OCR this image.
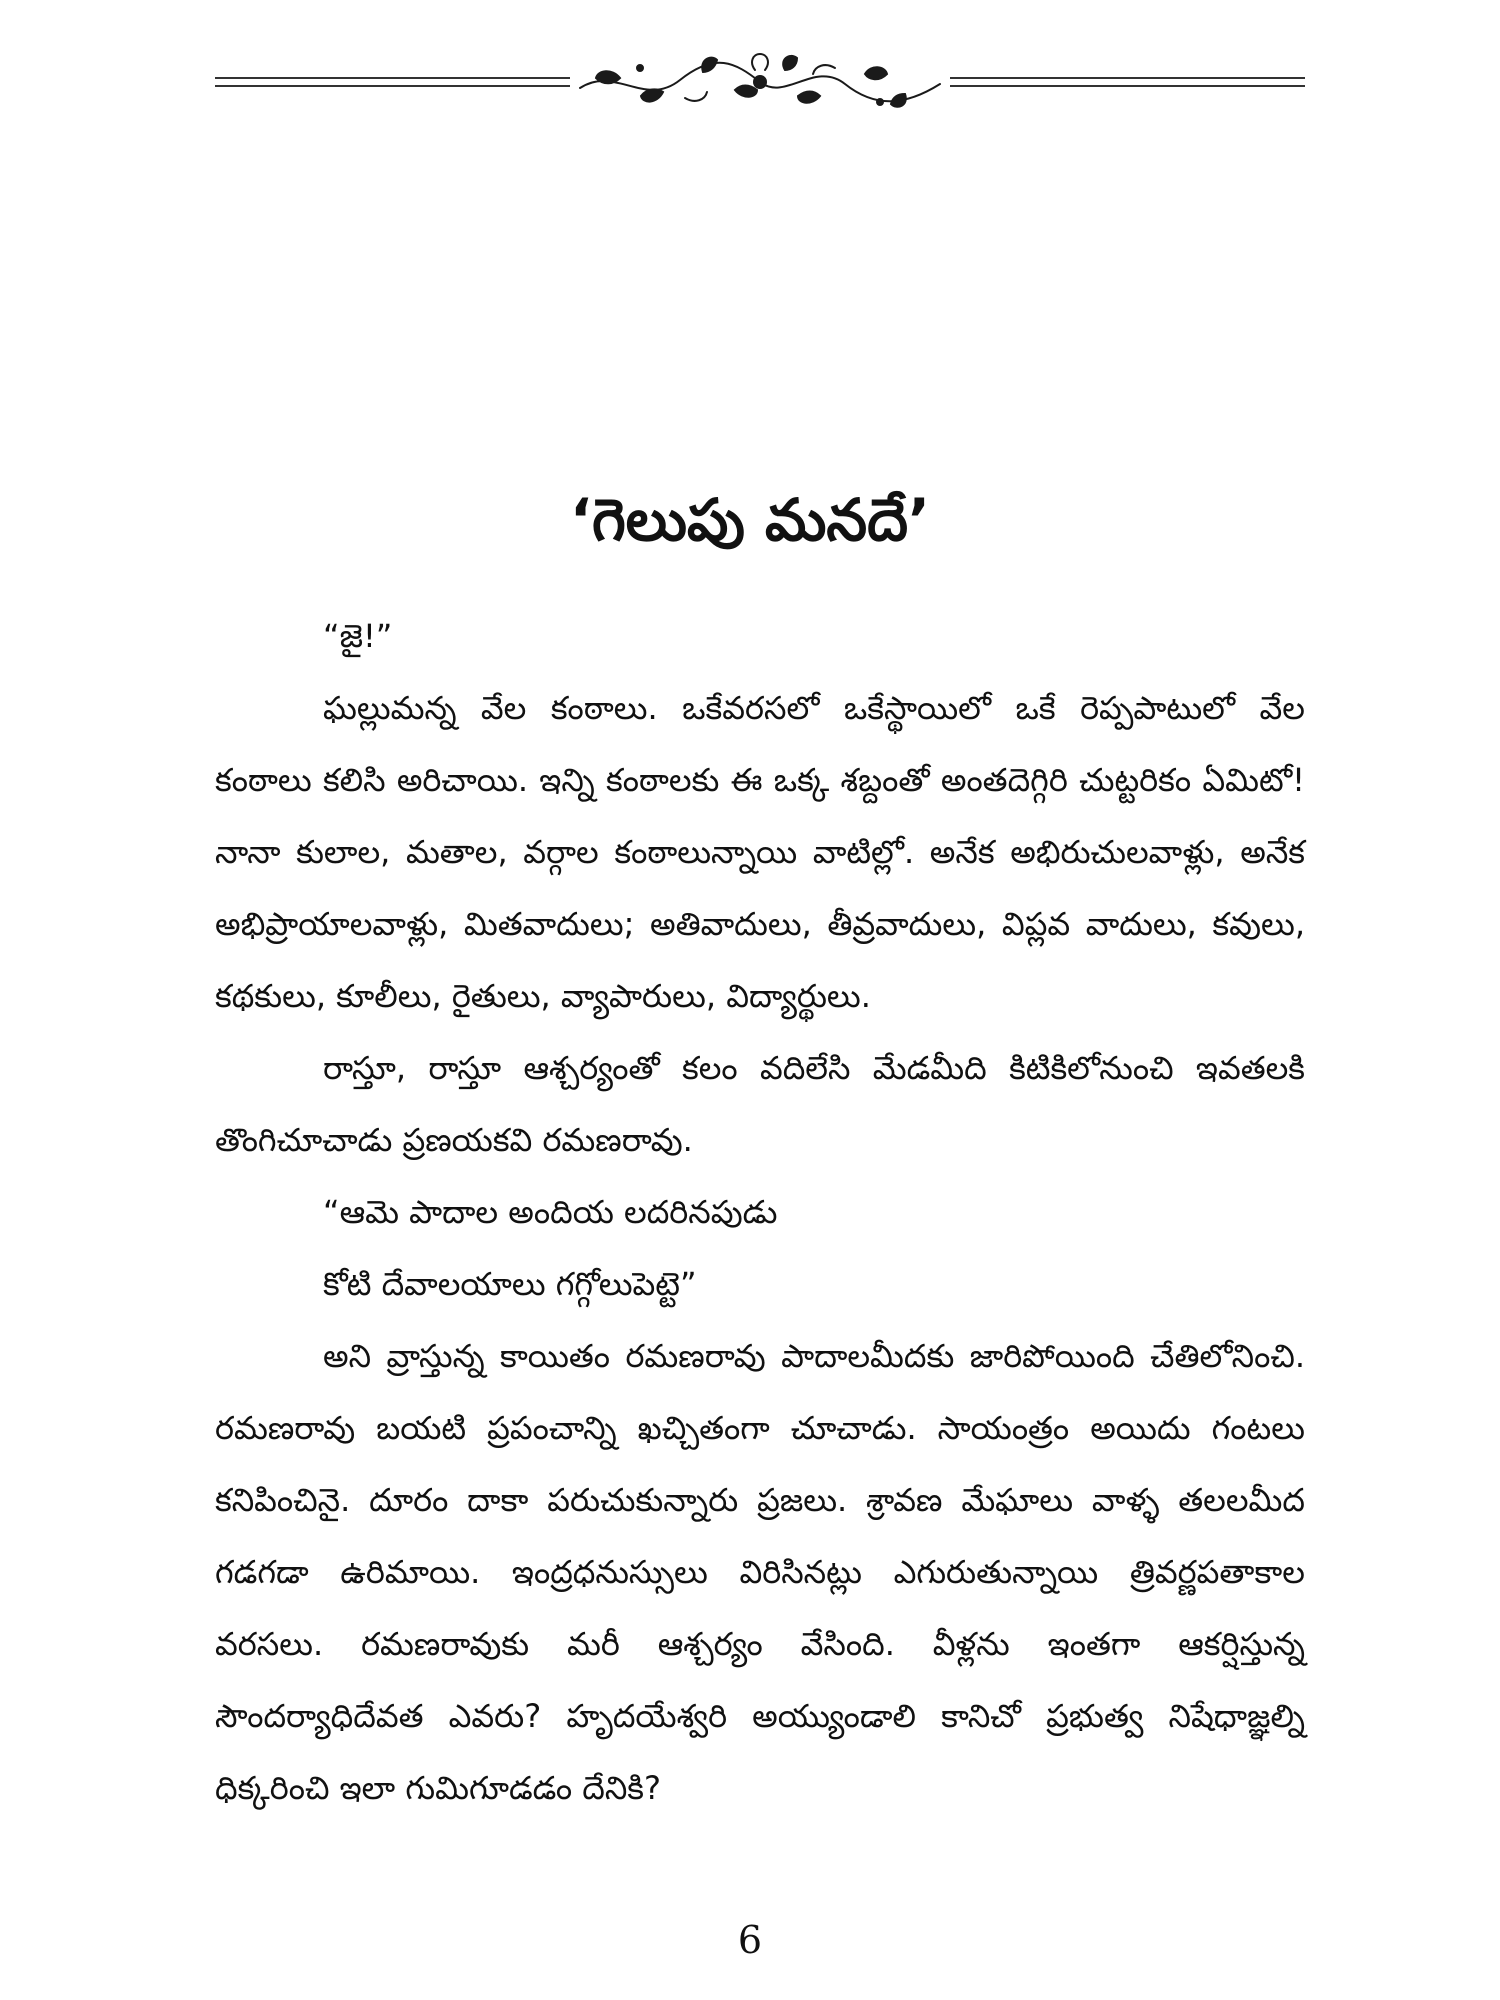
‘గెలుపు మనదే’

“జై!”

ఘల్లుమన్న వేల కంఠాలు. ఒకేవరసలో ఒకేస్థాయిలో ఒకే రెప్పపాటులో వేల కంఠాలు కలిసి అరిచాయి. ఇన్ని కంఠాలకు ఈ ఒక్క శబ్దంతో అంతదెగ్గిరి చుట్టరికం ఏమిటో! నానా కులాల, మతాల, వర్గాల కంఠాలున్నాయి వాటిల్లో. అనేక అభిరుచులవాళ్లు, అనేక అభిప్రాయాలవాళ్లు, మితవాదులు; అతివాదులు, తీవ్రవాదులు, విప్లవ వాదులు, కవులు, కథకులు, కూలీలు, రైతులు, వ్యాపారులు, విద్యార్థులు.

రాస్తూ, రాస్తూ ఆశ్చర్యంతో కలం వదిలేసి మేడమీది కిటికిలోనుంచి ఇవతలకి తొంగిచూచాడు ప్రణయకవి రమణరావు.

“ఆమె పాదాల అందియ లదరినపుడు

కోటి దేవాలయాలు గగ్గోలుపెట్టె”

అని వ్రాస్తున్న కాయితం రమణరావు పాదాలమీదకు జారిపోయింది చేతిలోనించి. రమణరావు బయటి ప్రపంచాన్ని ఖచ్చితంగా చూచాడు. సాయంత్రం అయిదు గంటలు కనిపించినై. దూరం దాకా పరుచుకున్నారు ప్రజలు. శ్రావణ మేఘాలు వాళ్ళ తలలమీద గడగడా ఉరిమాయి. ఇంద్రధనుస్సులు విరిసినట్లు ఎగురుతున్నాయి త్రివర్ణపతాకాల వరసలు. రమణరావుకు మరీ ఆశ్చర్యం వేసింది. వీళ్లను ఇంతగా ఆకర్షిస్తున్న సౌందర్యాధిదేవత ఎవరు? హృదయేశ్వరి అయ్యుండాలి కానిచో ప్రభుత్వ నిషేధాజ్ఞల్ని ధిక్కరించి ఇలా గుమిగూడడం దేనికి?

6
